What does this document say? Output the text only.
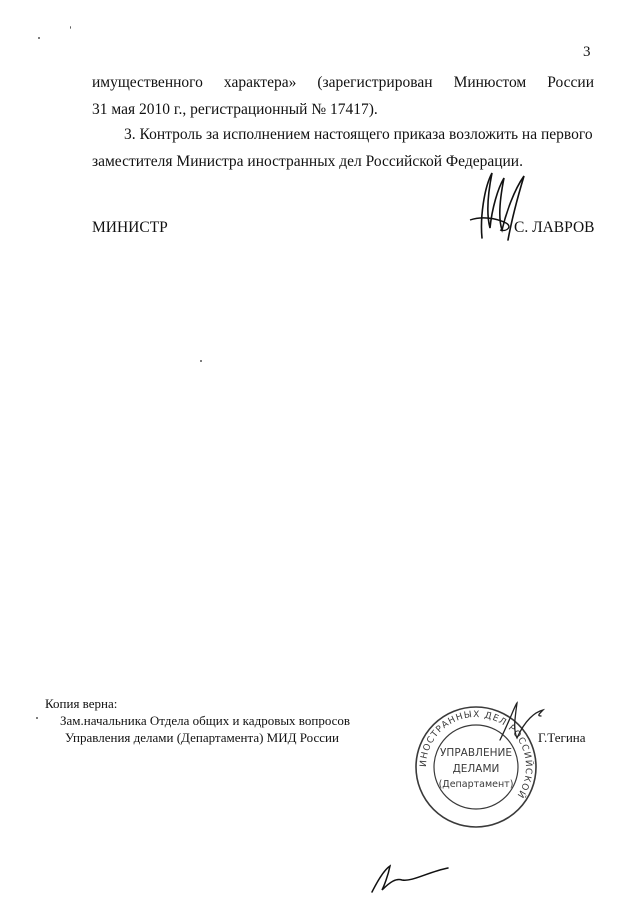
3
имущественного характера» (зарегистрирован Минюстом России
31 мая 2010 г., регистрационный № 17417).
3. Контроль за исполнением настоящего приказа возложить на первого
заместителя Министра иностранных дел Российской Федерации.
МИНИСТР	С. ЛАВРОВ
Копия верна:
Зам.начальника Отдела общих и кадровых вопросов
Управления делами (Департамента) МИД России
ИНОСТРАННЫХ ДЕЛ РОССИЙСКОЙ
УПРАВЛЕНИЕ
ДЕЛАМИ
(Департамент)
Г.Тегина
